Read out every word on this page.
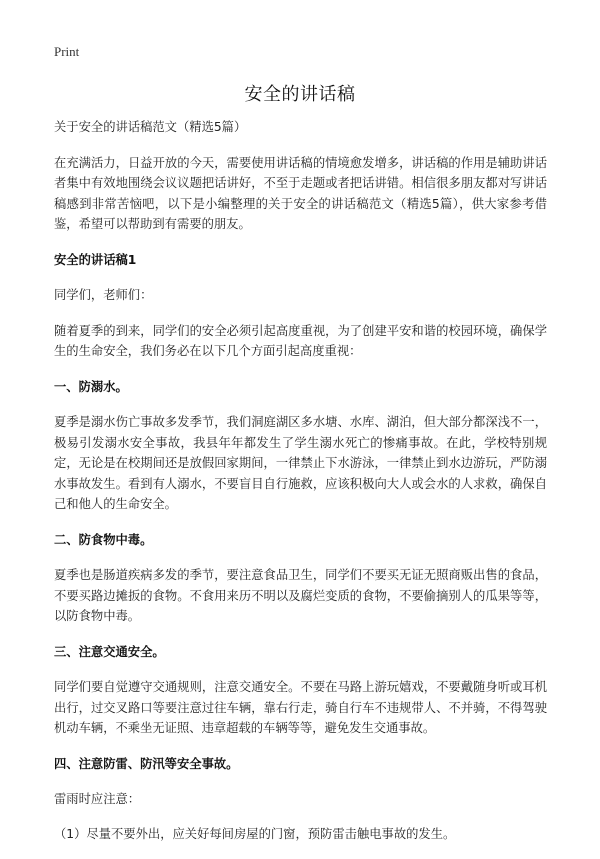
Print
安全的讲话稿
关于安全的讲话稿范文（精选5篇）
在充满活力，日益开放的今天，需要使用讲话稿的情境愈发增多，讲话稿的作用是辅助讲话者集中有效地围绕会议议题把话讲好，不至于走题或者把话讲错。相信很多朋友都对写讲话稿感到非常苦恼吧，以下是小编整理的关于安全的讲话稿范文（精选5篇），供大家参考借鉴，希望可以帮助到有需要的朋友。
安全的讲话稿1
同学们，老师们：
随着夏季的到来，同学们的安全必须引起高度重视，为了创建平安和谐的校园环境，确保学生的生命安全，我们务必在以下几个方面引起高度重视：
一、防溺水。
夏季是溺水伤亡事故多发季节，我们洞庭湖区多水塘、水库、湖泊，但大部分都深浅不一，极易引发溺水安全事故，我县年年都发生了学生溺水死亡的惨痛事故。在此，学校特别规定，无论是在校期间还是放假回家期间，一律禁止下水游泳，一律禁止到水边游玩，严防溺水事故发生。看到有人溺水，不要盲目自行施救，应该积极向大人或会水的人求救，确保自己和他人的生命安全。
二、防食物中毒。
夏季也是肠道疾病多发的季节，要注意食品卫生，同学们不要买无证无照商贩出售的食品，不要买路边摊扳的食物。不食用来历不明以及腐烂变质的食物，不要偷摘别人的瓜果等等，以防食物中毒。
三、注意交通安全。
同学们要自觉遵守交通规则，注意交通安全。不要在马路上游玩嬉戏，不要戴随身听或耳机出行，过交叉路口等要注意过往车辆，靠右行走，骑自行车不违规带人、不并骑，不得驾驶机动车辆，不乘坐无证照、违章超载的车辆等等，避免发生交通事故。
四、注意防雷、防汛等安全事故。
雷雨时应注意：
（1）尽量不要外出，应关好每间房屋的门窗，预防雷击触电事故的发生。
